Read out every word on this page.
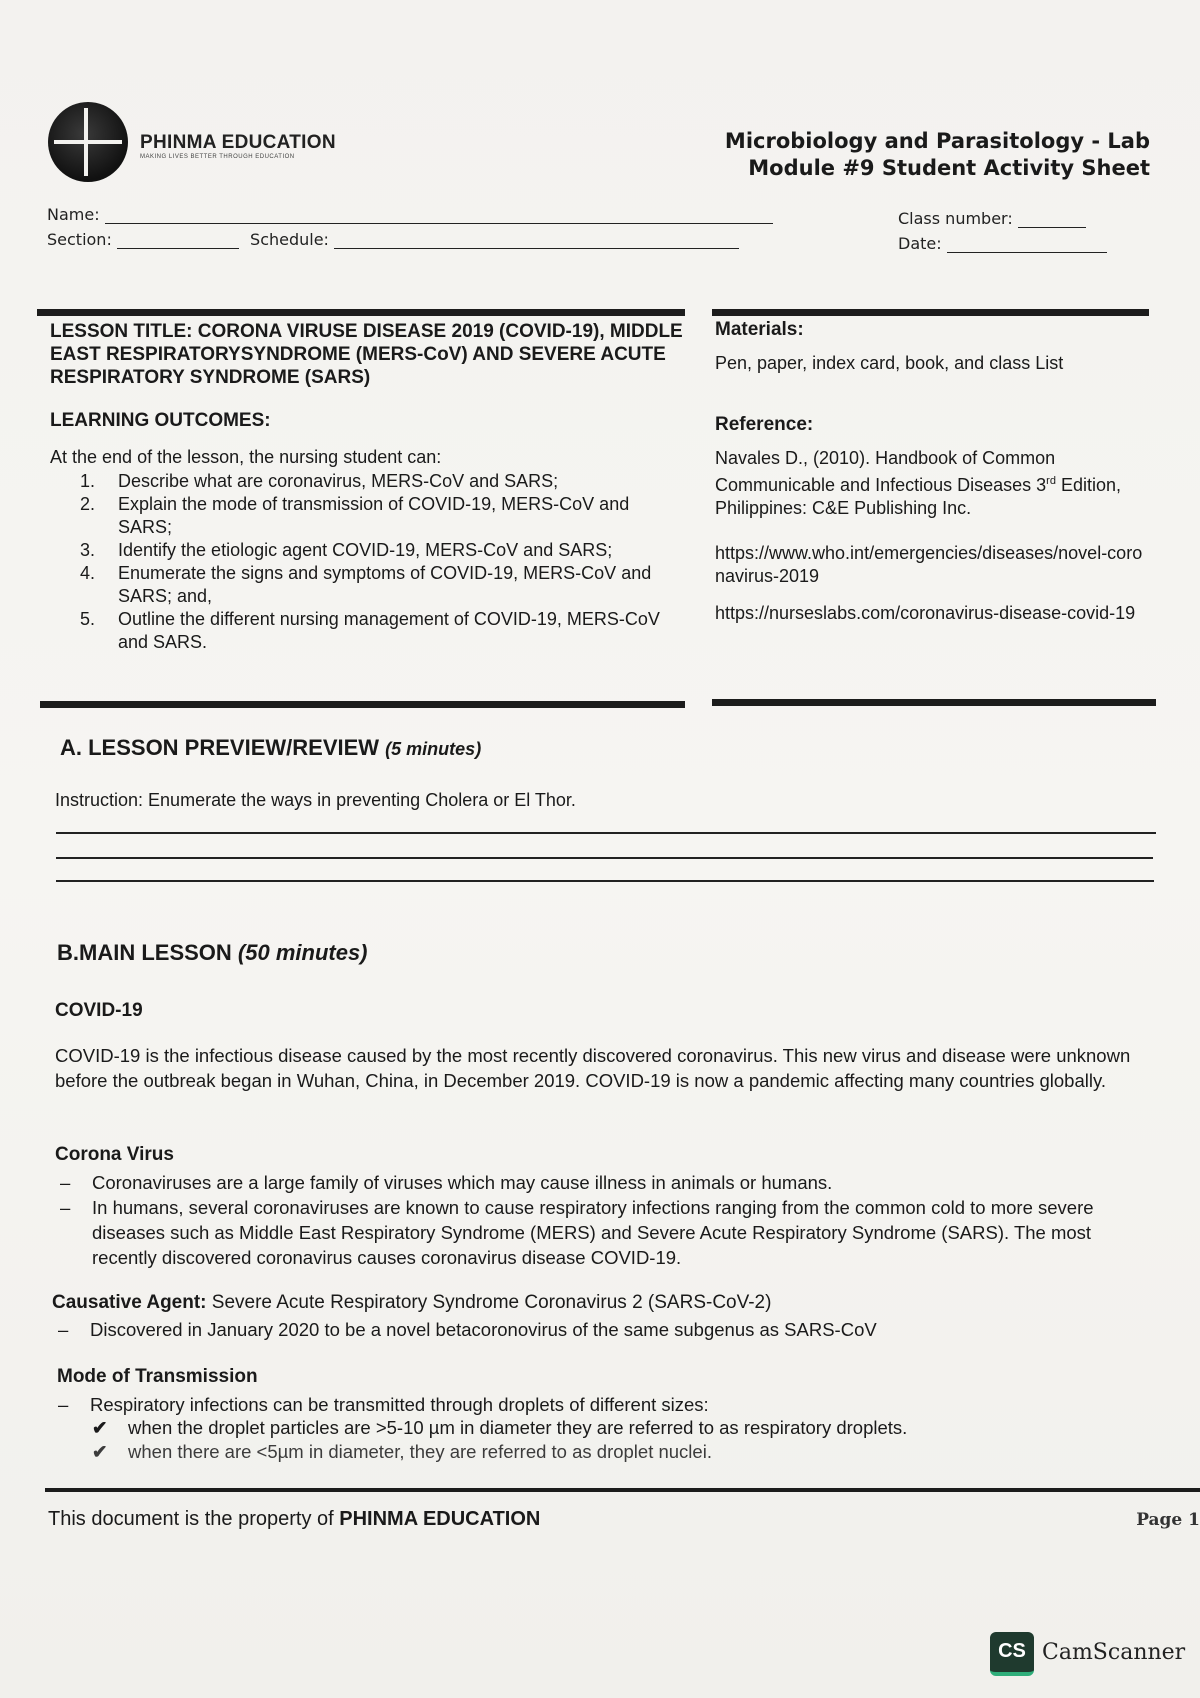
PHINMA EDUCATION
MAKING LIVES BETTER THROUGH EDUCATION
Microbiology and Parasitology - Lab
Module #9 Student Activity Sheet
Name:
Section:	Schedule:
Class number:
Date:
LESSON TITLE: CORONA VIRUSE DISEASE 2019 (COVID-19), MIDDLE EAST RESPIRATORYSYNDROME (MERS-CoV) AND SEVERE ACUTE RESPIRATORY SYNDROME (SARS)
LEARNING OUTCOMES:
At the end of the lesson, the nursing student can:
1. Describe what are coronavirus, MERS-CoV and SARS;
2. Explain the mode of transmission of COVID-19, MERS-CoV and SARS;
3. Identify the etiologic agent COVID-19, MERS-CoV and SARS;
4. Enumerate the signs and symptoms of COVID-19, MERS-CoV and SARS; and,
5. Outline the different nursing management of COVID-19, MERS-CoV and SARS.
Materials:
Pen, paper, index card, book, and class List
Reference:
Navales D., (2010). Handbook of Common Communicable and Infectious Diseases 3rd Edition, Philippines: C&E Publishing Inc.
https://www.who.int/emergencies/diseases/novel-coronavirus-2019
https://nurseslabs.com/coronavirus-disease-covid-19
A. LESSON PREVIEW/REVIEW (5 minutes)
Instruction: Enumerate the ways in preventing Cholera or El Thor.
B.MAIN LESSON (50 minutes)
COVID-19
COVID-19 is the infectious disease caused by the most recently discovered coronavirus. This new virus and disease were unknown before the outbreak began in Wuhan, China, in December 2019. COVID-19 is now a pandemic affecting many countries globally.
Corona Virus
– Coronaviruses are a large family of viruses which may cause illness in animals or humans.
– In humans, several coronaviruses are known to cause respiratory infections ranging from the common cold to more severe diseases such as Middle East Respiratory Syndrome (MERS) and Severe Acute Respiratory Syndrome (SARS). The most recently discovered coronavirus causes coronavirus disease COVID-19.
Causative Agent: Severe Acute Respiratory Syndrome Coronavirus 2 (SARS-CoV-2)
– Discovered in January 2020 to be a novel betacoronovirus of the same subgenus as SARS-CoV
Mode of Transmission
– Respiratory infections can be transmitted through droplets of different sizes:
✔ when the droplet particles are >5-10 µm in diameter they are referred to as respiratory droplets.
✔ when there are <5µm in diameter, they are referred to as droplet nuclei.
This document is the property of PHINMA EDUCATION	Page 1
CS CamScanner
